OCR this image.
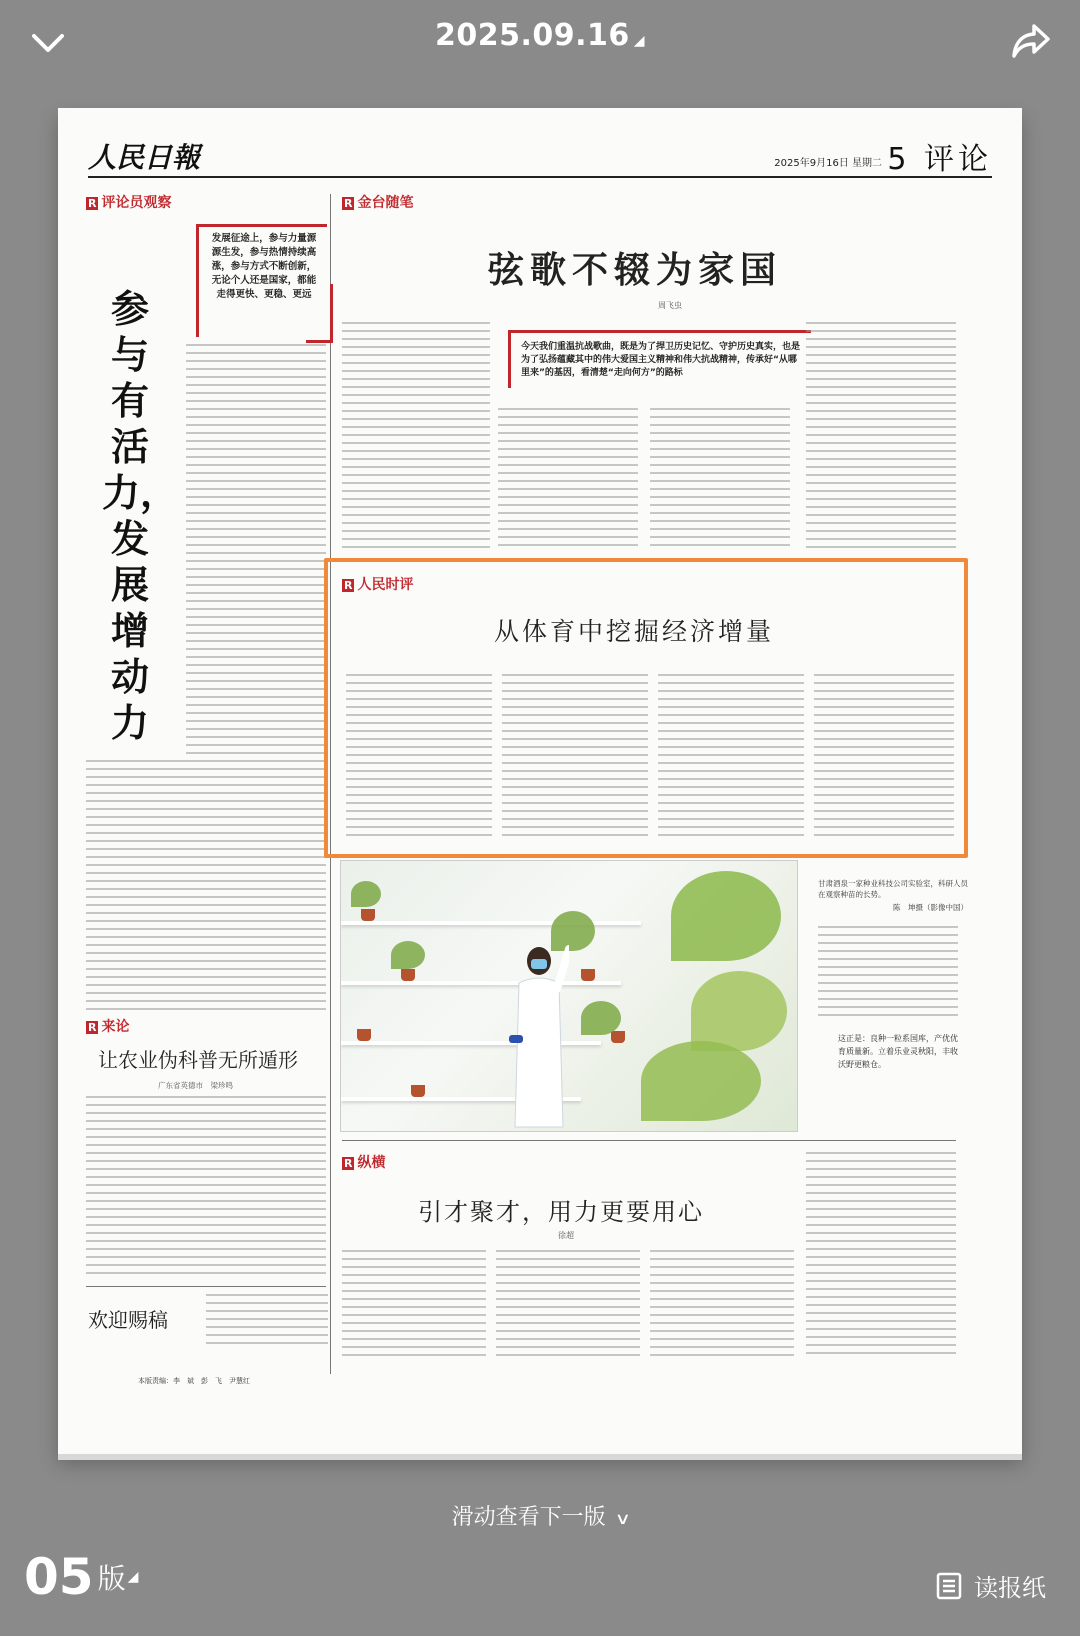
2025.09.16 ◢
人民日報	2025年9月16日 星期二 5 评论
R 评论员观察
发展征途上，参与力量源源生发，参与热情持续高涨，参与方式不断创新，无论个人还是国家，都能走得更快、更稳、更远
参与有活力，发展增动力
R 来论
让农业伪科普无所遁形
广东省英德市　梁珍鸣
欢迎赐稿
本版责编：李　斌　彭　飞　尹慧红
R 金台随笔
弦歌不辍为家国
周飞虫
今天我们重温抗战歌曲，既是为了捍卫历史记忆、守护历史真实，也是为了弘扬蕴藏其中的伟大爱国主义精神和伟大抗战精神，传承好“从哪里来”的基因，看清楚“走向何方”的路标
R 人民时评
从体育中挖掘经济增量
甘肃酒泉一家种业科技公司实验室，科研人员在观察种苗的长势。
陈　坤摄（影像中国）
这正是：良种一粒系国库，产优优育质量新。立着乐业灵秋阳，丰收沃野更粮仓。
R 纵横
引才聚才，用力更要用心
徐超
滑动查看下一版 ∨
05 版 ◢	读报纸
